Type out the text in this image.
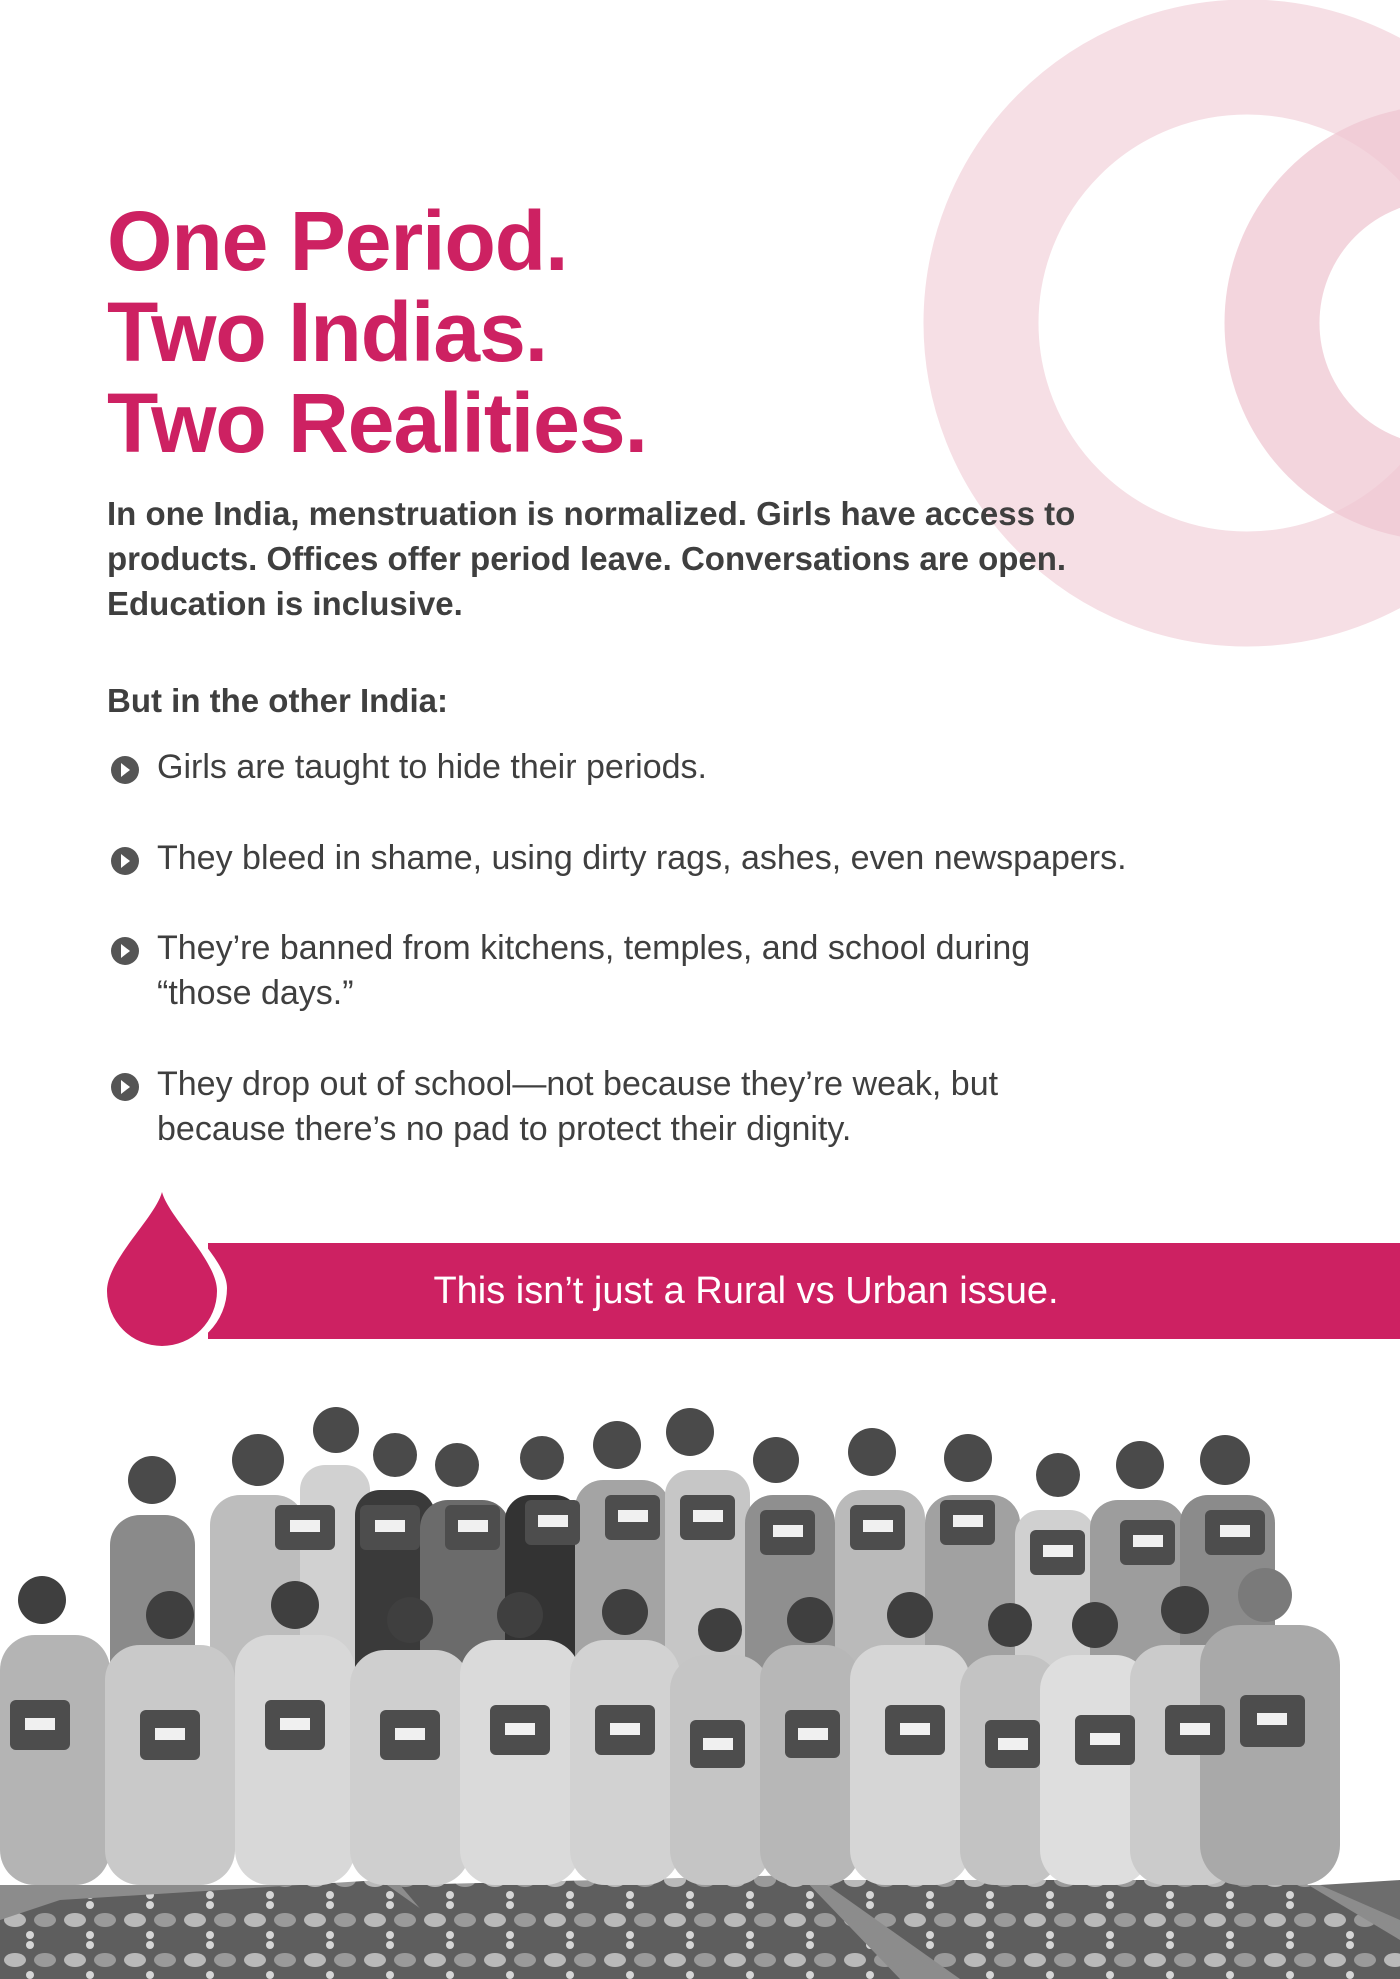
One Period.
Two Indias.
Two Realities.

In one India, menstruation is normalized. Girls have access to
products. Offices offer period leave. Conversations are open.
Education is inclusive.

But in the other India:

Girls are taught to hide their periods.
They bleed in shame, using dirty rags, ashes, even newspapers.
They’re banned from kitchens, temples, and school during
“those days.”
They drop out of school—not because they’re weak, but
because there’s no pad to protect their dignity.
This isn’t just a Rural vs Urban issue.
